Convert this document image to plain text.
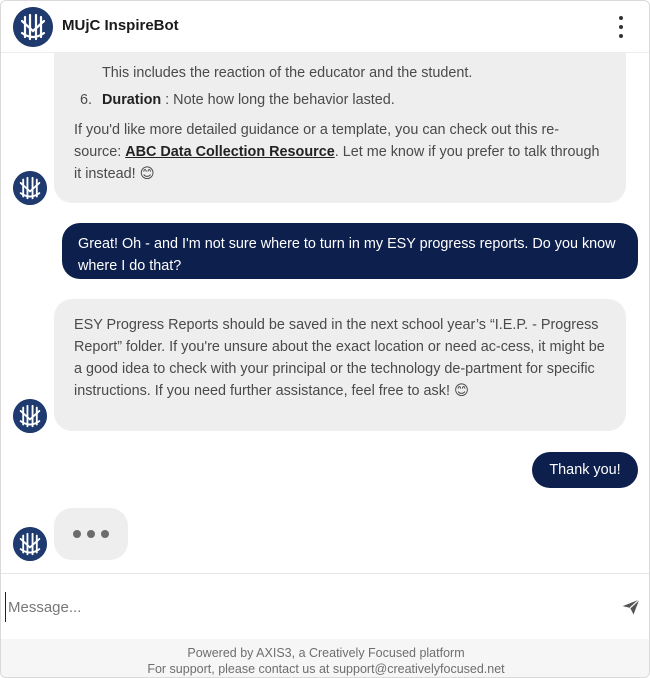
MUjC InspireBot
This includes the reaction of the educator and the student.
6. Duration : Note how long the behavior lasted.
If you'd like more detailed guidance or a template, you can check out this re-source: ABC Data Collection Resource. Let me know if you prefer to talk through it instead! 😊
Great! Oh - and I'm not sure where to turn in my ESY progress reports. Do you know where I do that?
ESY Progress Reports should be saved in the next school year’s “I.E.P. - Progress Report” folder. If you're unsure about the exact location or need ac-cess, it might be a good idea to check with your principal or the technology de-partment for specific instructions. If you need further assistance, feel free to ask! 😊
Thank you!
Message...
Powered by AXIS3, a Creatively Focused platform
For support, please contact us at support@creativelyfocused.net
